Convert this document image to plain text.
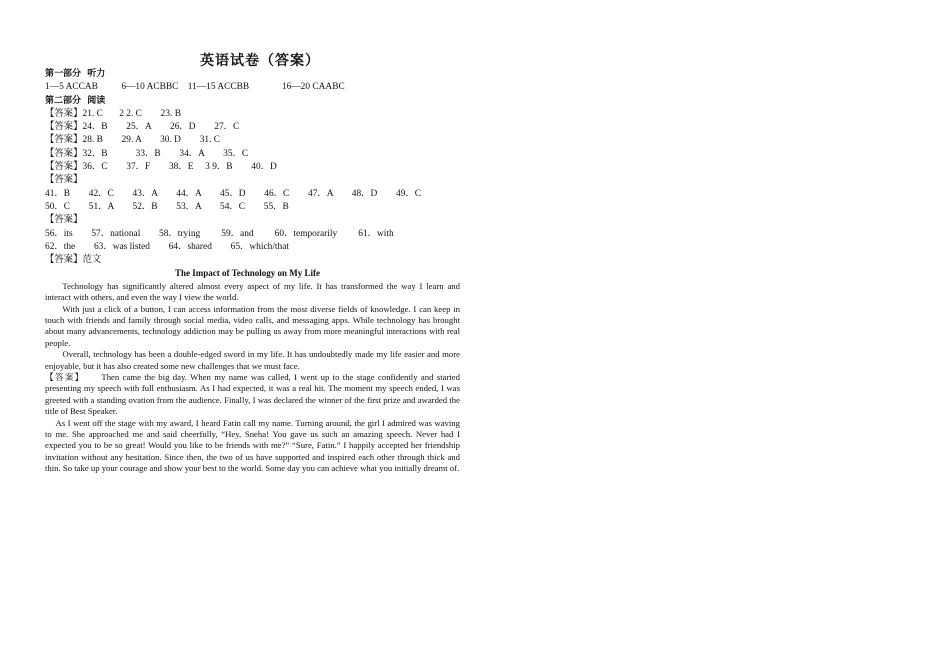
英语试卷（答案）
第一部分  听力
1—5 ACCAB          6—10 ACBBC    11—15 ACCBB              16—20 CAABC
第二部分  阅读
【答案】21. C       2 2. C        23. B
【答案】24．B        25．A        26．D        27．C
【答案】28. B        29. A        30. D        31. C
【答案】32．B            33．B        34．A        35．C
【答案】36．C        37．F        38．E     3 9．B        40．D
【答案】
41．B        42．C        43．A        44．A        45．D        46．C        47．A        48．D        49．C
50．C        51．A        52．B        53．A        54．C        55．B
【答案】
56．its        57．national        58．trying         59．and         60．temporarily         61．with
62．the        63．was listed        64．shared        65．which/that
【答案】范文
The Impact of Technology on My Life
Technology has significantly altered almost every aspect of my life. It has transformed the way I learn and interact with others, and even the way I view the world.
With just a click of a button, I can access information from the most diverse fields of knowledge. I can keep in touch with friends and family through social media, video calls, and messaging apps. While technology has brought about many advancements, technology addiction may be pulling us away from more meaningful interactions with real people.
Overall, technology has been a double-edged sword in my life. It has undoubtedly made my life easier and more enjoyable, but it has also created some new challenges that we must face.
【答案】 Then came the big day. When my name was called, I went up to the stage confidently and started presenting my speech with full enthusiasm. As I had expected, it was a real hit. The moment my speech ended, I was greeted with a standing ovation from the audience. Finally, I was declared the winner of the first prize and awarded the title of Best Speaker.
As I went off the stage with my award, I heard Fatin call my name. Turning around, the girl I admired was waving to me. She approached me and said cheerfully, “Hey, Sneha! You gave us such an amazing speech. Never had I expected you to be so great! Would you like to be friends with me?” “Sure, Fatin.” I happily accepted her friendship invitation without any hesitation. Since then, the two of us have supported and inspired each other through thick and thin. So take up your courage and show your best to the world. Some day you can achieve what you initially dreamt of.
